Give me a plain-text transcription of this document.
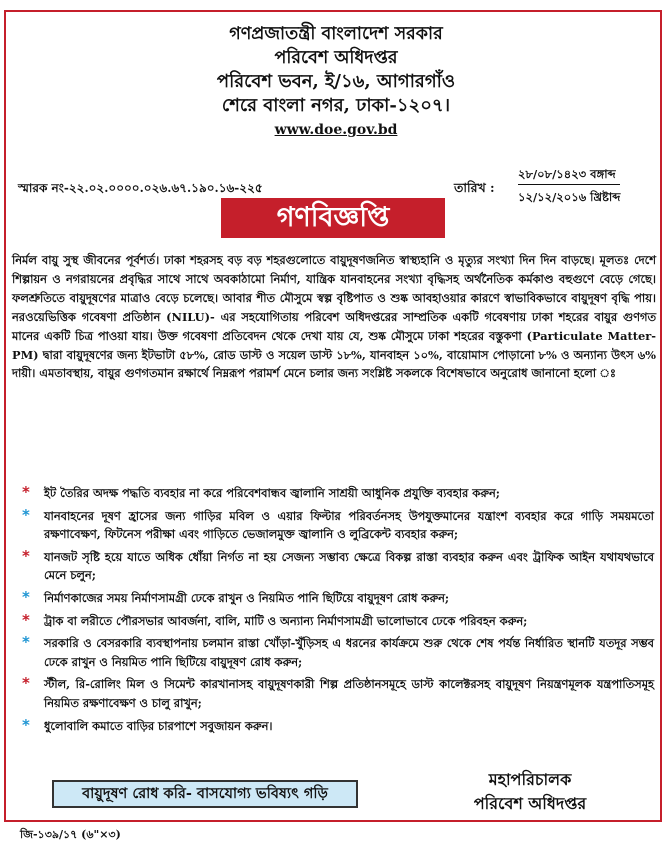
গণপ্রজাতন্ত্রী বাংলাদেশ সরকার
পরিবেশ অধিদপ্তর
পরিবেশ ভবন, ই/১৬, আগারগাঁও
শেরে বাংলা নগর, ঢাকা-১২০৭।
www.doe.gov.bd
স্মারক নং-২২.০২.০০০০.০২৬.৬৭.১৯০.১৬-২২৫	তারিখ :
২৮/০৮/১৪২৩ বঙ্গাব্দ
১২/১২/২০১৬ খ্রিষ্টাব্দ
গণবিজ্ঞপ্তি
নির্মল বায়ু সুস্থ জীবনের পূর্বশর্ত। ঢাকা শহরসহ বড় বড় শহরগুলোতে বায়ুদূষণজনিত স্বাস্থ্যহানি ও মৃত্যুর সংখ্যা দিন দিন বাড়ছে। মূলতঃ দেশে শিল্পায়ন ও নগরায়নের প্রবৃদ্ধির সাথে সাথে অবকাঠামো নির্মাণ, যান্ত্রিক যানবাহনের সংখ্যা বৃদ্ধিসহ অর্থনৈতিক কর্মকাণ্ড বহুগুণে বেড়ে গেছে। ফলশ্রুতিতে বায়ুদূষণের মাত্রাও বেড়ে চলেছে। আবার শীত মৌসুমে স্বল্প বৃষ্টিপাত ও শুষ্ক আবহাওয়ার কারণে স্বাভাবিকভাবে বায়ুদূষণ বৃদ্ধি পায়। নরওয়েভিত্তিক গবেষণা প্রতিষ্ঠান (NILU)- এর সহযোগিতায় পরিবেশ অধিদপ্তরের সাম্প্রতিক একটি গবেষণায় ঢাকা শহরের বায়ুর গুণগত মানের একটি চিত্র পাওয়া যায়। উক্ত গবেষণা প্রতিবেদন থেকে দেখা যায় যে, শুষ্ক মৌসুমে ঢাকা শহরের বস্তুকণা (Particulate Matter-PM) দ্বারা বায়ুদূষণের জন্য ইটভাটা ৫৮%, রোড ডাস্ট ও সয়েল ডাস্ট ১৮%, যানবাহন ১০%, বায়োমাস পোড়ানো ৮% ও অন্যান্য উৎস ৬% দায়ী। এমতাবস্থায়, বায়ুর গুণগতমান রক্ষার্থে নিম্নরূপ পরামর্শ মেনে চলার জন্য সংশ্লিষ্ট সকলকে বিশেষভাবে অনুরোধ জানানো হলো ঃ
* ইট তৈরির অদক্ষ পদ্ধতি ব্যবহার না করে পরিবেশবান্ধব জ্বালানি সাশ্রয়ী আধুনিক প্রযুক্তি ব্যবহার করুন;
* যানবাহনের দূষণ হ্রাসের জন্য গাড়ির মবিল ও এয়ার ফিল্টার পরিবর্তনসহ উপযুক্তমানের যন্ত্রাংশ ব্যবহার করে গাড়ি সময়মতো রক্ষণাবেক্ষণ, ফিটনেস পরীক্ষা এবং গাড়িতে ভেজালমুক্ত জ্বালানি ও লুব্রিকেন্ট ব্যবহার করুন;
* যানজট সৃষ্টি হয়ে যাতে অধিক ধোঁয়া নির্গত না হয় সেজন্য সম্ভাব্য ক্ষেত্রে বিকল্প রাস্তা ব্যবহার করুন এবং ট্রাফিক আইন যথাযথভাবে মেনে চলুন;
* নির্মাণকাজের সময় নির্মাণসামগ্রী ঢেকে রাখুন ও নিয়মিত পানি ছিটিয়ে বায়ুদূষণ রোধ করুন;
* ট্রাক বা লরীতে পৌরসভার আবর্জনা, বালি, মাটি ও অন্যান্য নির্মাণসামগ্রী ভালোভাবে ঢেকে পরিবহন করুন;
* সরকারি ও বেসরকারি ব্যবস্থাপনায় চলমান রাস্তা খোঁড়া-খুঁড়িসহ এ ধরনের কার্যক্রমে শুরু থেকে শেষ পর্যন্ত নির্ধারিত স্থানটি যতদূর সম্ভব ঢেকে রাখুন ও নিয়মিত পানি ছিটিয়ে বায়ুদূষণ রোধ করুন;
* স্টীল, রি-রোলিং মিল ও সিমেন্ট কারখানাসহ বায়ুদূষণকারী শিল্প প্রতিষ্ঠানসমূহে ডাস্ট কালেক্টরসহ বায়ুদূষণ নিয়ন্ত্রণমূলক যন্ত্রপাতিসমূহ নিয়মিত রক্ষণাবেক্ষণ ও চালু রাখুন;
* ধুলোবালি কমাতে বাড়ির চারপাশে সবুজায়ন করুন।
বায়ুদূষণ রোধ করি- বাসযোগ্য ভবিষ্যৎ গড়ি
মহাপরিচালক
পরিবেশ অধিদপ্তর
জি-১৩৯/১৭ (৬"×৩)
